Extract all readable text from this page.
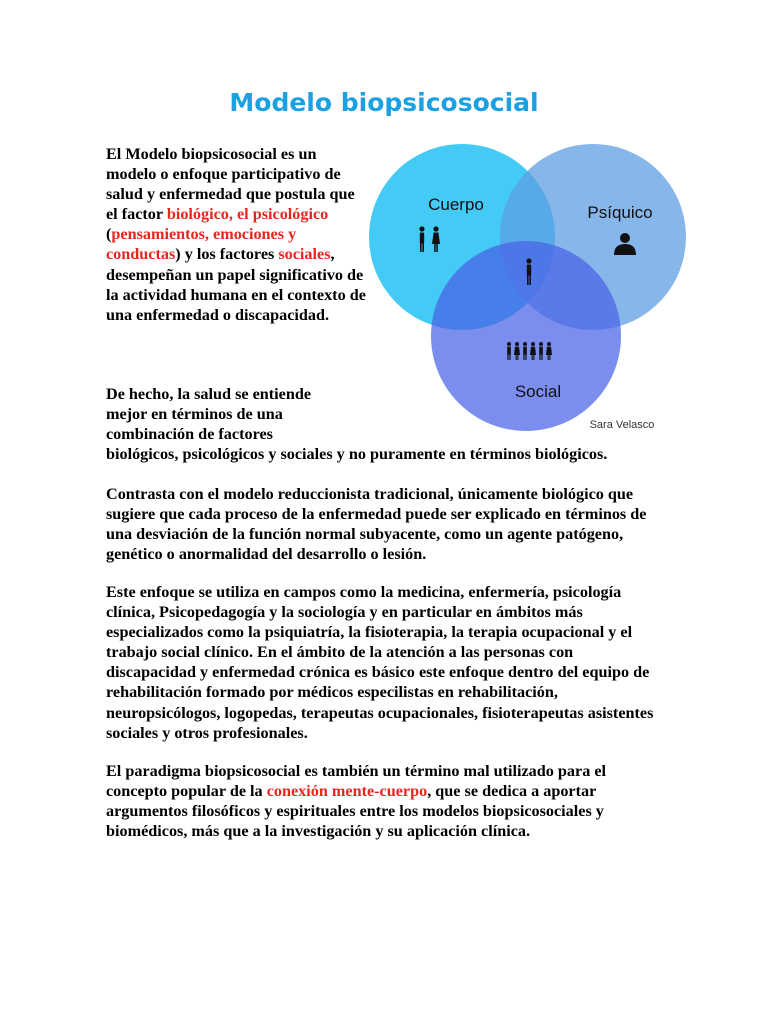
Modelo biopsicosocial

El Modelo biopsicosocial es un modelo o enfoque participativo de salud y enfermedad que postula que el factor biológico, el psicológico (pensamientos, emociones y conductas) y los factores sociales, desempeñan un papel significativo de la actividad humana en el contexto de una enfermedad o discapacidad.

Cuerpo	Psíquico
Social
Sara Velasco

De hecho, la salud se entiende mejor en términos de una combinación de factores
biológicos, psicológicos y sociales y no puramente en términos biológicos.

Contrasta con el modelo reduccionista tradicional, únicamente biológico que sugiere que cada proceso de la enfermedad puede ser explicado en términos de una desviación de la función normal subyacente, como un agente patógeno, genético o anormalidad del desarrollo o lesión.

Este enfoque se utiliza en campos como la medicina, enfermería, psicología clínica, Psicopedagogía y la sociología y en particular en ámbitos más especializados como la psiquiatría, la fisioterapia, la terapia ocupacional y el trabajo social clínico. En el ámbito de la atención a las personas con discapacidad y enfermedad crónica es básico este enfoque dentro del equipo de rehabilitación formado por médicos especilistas en rehabilitación, neuropsicólogos, logopedas, terapeutas ocupacionales, fisioterapeutas asistentes sociales y otros profesionales.

El paradigma biopsicosocial es también un término mal utilizado para el concepto popular de la conexión mente-cuerpo, que se dedica a aportar argumentos filosóficos y espirituales entre los modelos biopsicosociales y biomédicos, más que a la investigación y su aplicación clínica.
